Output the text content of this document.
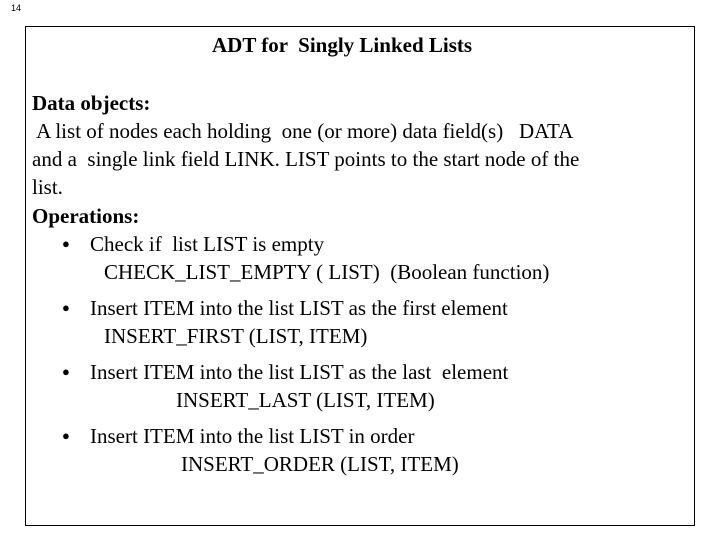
14
ADT for  Singly Linked Lists
Data objects:
A list of nodes each holding  one (or more) data field(s)   DATA
and a  single link field LINK. LIST points to the start node of the
list.
Operations:
● Check if  list LIST is empty
CHECK_LIST_EMPTY ( LIST)  (Boolean function)
● Insert ITEM into the list LIST as the first element
INSERT_FIRST (LIST, ITEM)
● Insert ITEM into the list LIST as the last  element
INSERT_LAST (LIST, ITEM)
● Insert ITEM into the list LIST in order
INSERT_ORDER (LIST, ITEM)
